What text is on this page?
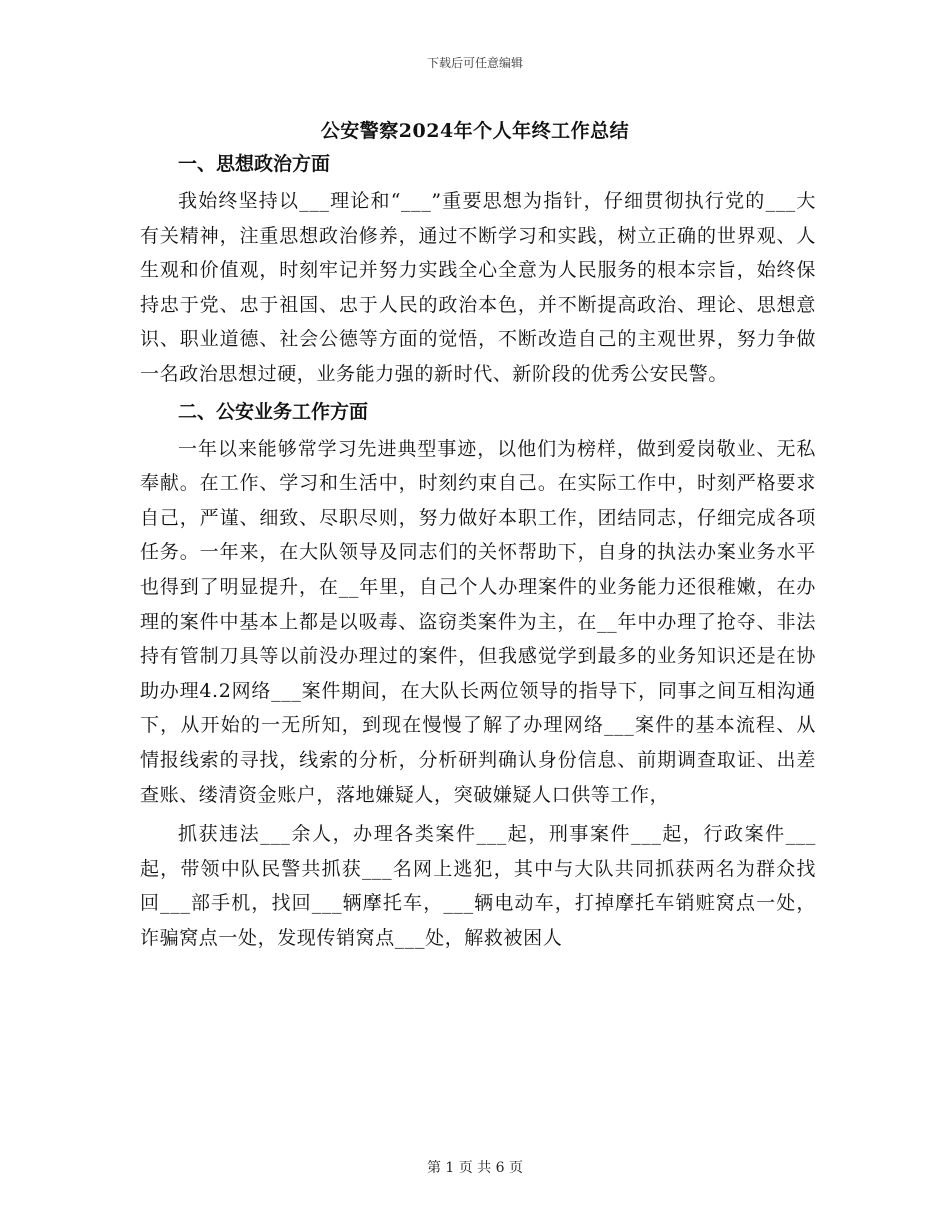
下载后可任意编辑
公安警察2024年个人年终工作总结
一、思想政治方面

我始终坚持以___理论和“___”重要思想为指针，仔细贯彻执行党的___大有关精神，注重思想政治修养，通过不断学习和实践，树立正确的世界观、人生观和价值观，时刻牢记并努力实践全心全意为人民服务的根本宗旨，始终保持忠于党、忠于祖国、忠于人民的政治本色，并不断提高政治、理论、思想意识、职业道德、社会公德等方面的觉悟，不断改造自己的主观世界，努力争做一名政治思想过硬，业务能力强的新时代、新阶段的优秀公安民警。

二、公安业务工作方面

一年以来能够常学习先进典型事迹，以他们为榜样，做到爱岗敬业、无私奉献。在工作、学习和生活中，时刻约束自己。在实际工作中，时刻严格要求自己，严谨、细致、尽职尽则，努力做好本职工作，团结同志，仔细完成各项任务。一年来，在大队领导及同志们的关怀帮助下，自身的执法办案业务水平也得到了明显提升，在__年里，自己个人办理案件的业务能力还很稚嫩，在办理的案件中基本上都是以吸毒、盗窃类案件为主，在__年中办理了抢夺、非法持有管制刀具等以前没办理过的案件，但我感觉学到最多的业务知识还是在协助办理4.2网络___案件期间，在大队长两位领导的指导下，同事之间互相沟通下，从开始的一无所知，到现在慢慢了解了办理网络___案件的基本流程、从情报线索的寻找，线索的分析，分析研判确认身份信息、前期调查取证、出差查账、缕清资金账户，落地嫌疑人，突破嫌疑人口供等工作，

抓获违法___余人，办理各类案件___起，刑事案件___起，行政案件___起，带领中队民警共抓获___名网上逃犯，其中与大队共同抓获两名为群众找回___部手机，找回___辆摩托车，___辆电动车，打掉摩托车销赃窝点一处，诈骗窝点一处，发现传销窝点___处，解救被困人

第 1 页 共 6 页
